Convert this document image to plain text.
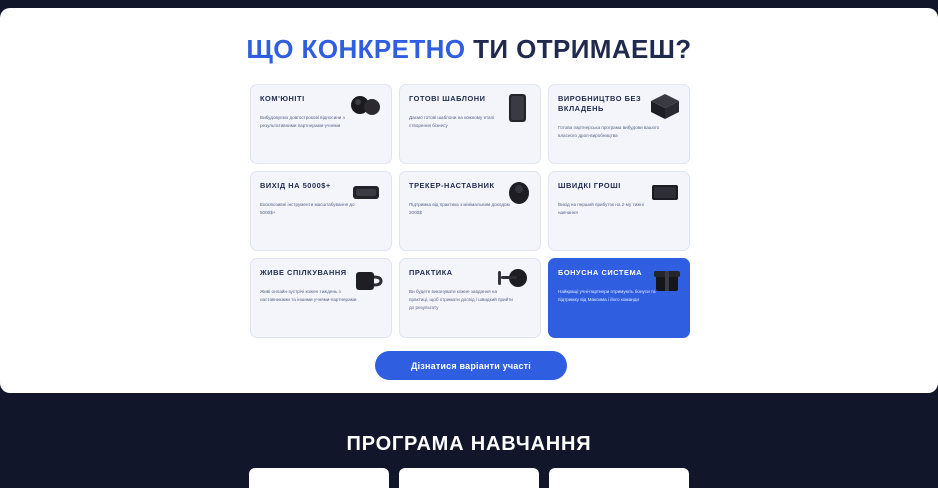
ЩО КОНКРЕТНО ТИ ОТРИМАЕШ?
КОМ'ЮНІТІ
Вибудовуємо довгострокові відносини з результативними партнерами-учнями
ГОТОВІ ШАБЛОНИ
Даємо готові шаблони на кожному етапі створення бізнесу
ВИРОБНИЦТВО БЕЗ ВКЛАДЕНЬ
Готова партнерська програма вибудови вашого власного дроп-виробництва
ВИХІД НА 5000$+
Ексклюзивні інструменти масштабування до 5000$+
ТРЕКЕР-НАСТАВНИК
Підтримка від практика з мінімальним доходом 2000$
ШВИДКІ ГРОШІ
Вихід на перший прибуток на 2-му тижні навчання
ЖИВЕ СПІЛКУВАННЯ
Живі онлайн-зустрічі кожен тиждень з наставниками та іншими учнями-партнерами
ПРАКТИКА
Ви будете виконувати кожне завдання на практиці, щоб отримати досвід і швидкий прийти до результату
БОНУСНА СИСТЕМА
Найкращі учні-партнери отримують бонуси та підтримку від Максима і його команди
Дізнатися варіанти участі
ПРОГРАМА НАВЧАННЯ
